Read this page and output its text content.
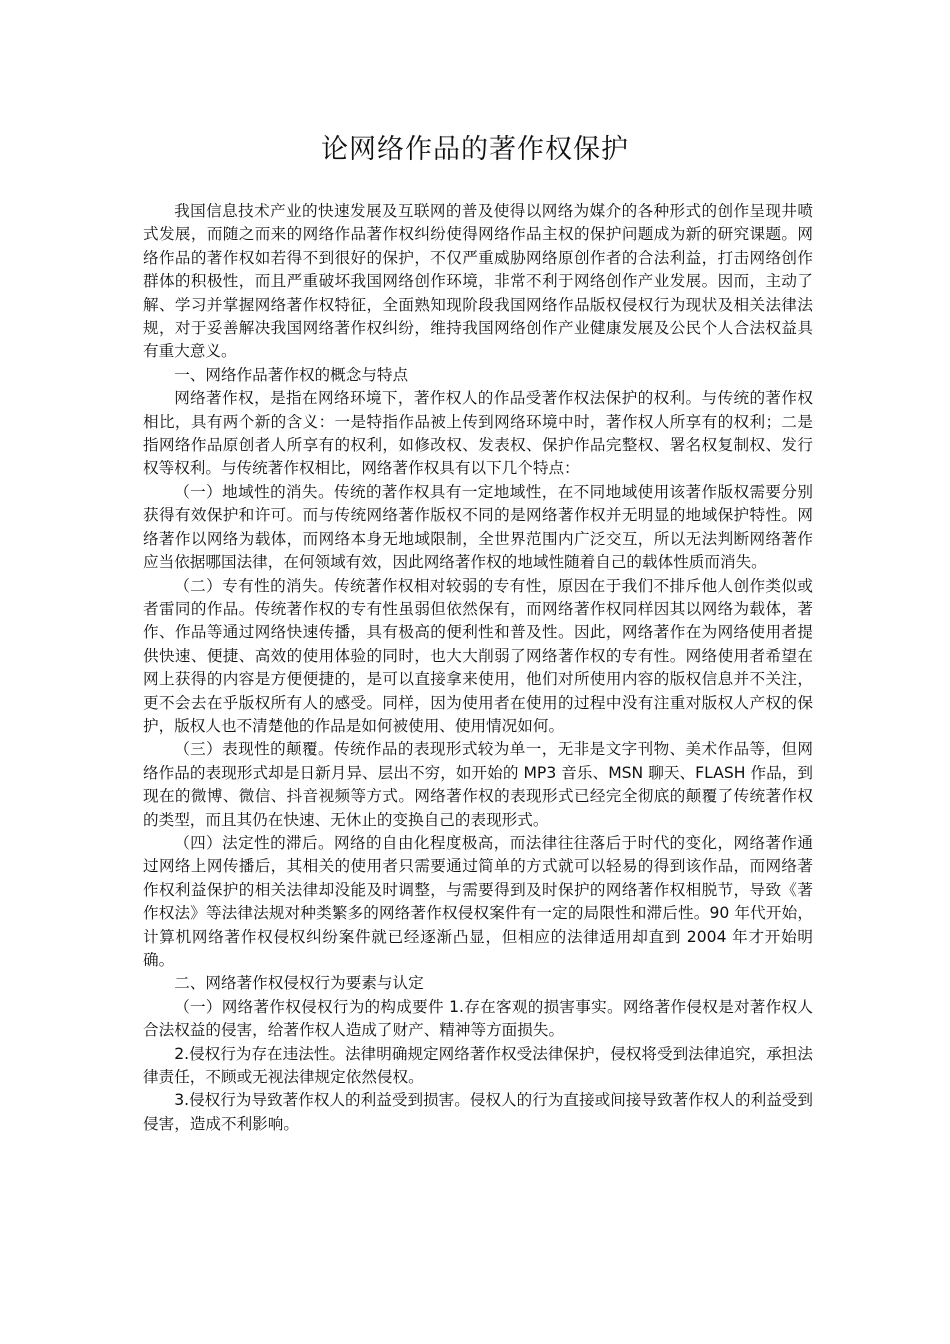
论网络作品的著作权保护

我国信息技术产业的快速发展及互联网的普及使得以网络为媒介的各种形式的创作呈现井喷式发展，而随之而来的网络作品著作权纠纷使得网络作品主权的保护问题成为新的研究课题。网络作品的著作权如若得不到很好的保护，不仅严重威胁网络原创作者的合法利益，打击网络创作群体的积极性，而且严重破坏我国网络创作环境，非常不利于网络创作产业发展。因而，主动了解、学习并掌握网络著作权特征，全面熟知现阶段我国网络作品版权侵权行为现状及相关法律法规，对于妥善解决我国网络著作权纠纷，维持我国网络创作产业健康发展及公民个人合法权益具有重大意义。

一、网络作品著作权的概念与特点

网络著作权，是指在网络环境下，著作权人的作品受著作权法保护的权利。与传统的著作权相比，具有两个新的含义：一是特指作品被上传到网络环境中时，著作权人所享有的权利；二是指网络作品原创者人所享有的权利，如修改权、发表权、保护作品完整权、署名权复制权、发行权等权利。与传统著作权相比，网络著作权具有以下几个特点：

（一）地域性的消失。传统的著作权具有一定地域性，在不同地域使用该著作版权需要分别获得有效保护和许可。而与传统网络著作版权不同的是网络著作权并无明显的地域保护特性。网络著作以网络为载体，而网络本身无地域限制，全世界范围内广泛交互，所以无法判断网络著作应当依据哪国法律，在何领域有效，因此网络著作权的地域性随着自己的载体性质而消失。

（二）专有性的消失。传统著作权相对较弱的专有性，原因在于我们不排斥他人创作类似或者雷同的作品。传统著作权的专有性虽弱但依然保有，而网络著作权同样因其以网络为载体，著作、作品等通过网络快速传播，具有极高的便利性和普及性。因此，网络著作在为网络使用者提供快速、便捷、高效的使用体验的同时，也大大削弱了网络著作权的专有性。网络使用者希望在网上获得的内容是方便便捷的，是可以直接拿来使用，他们对所使用内容的版权信息并不关注，更不会去在乎版权所有人的感受。同样，因为使用者在使用的过程中没有注重对版权人产权的保护，版权人也不清楚他的作品是如何被使用、使用情况如何。

（三）表现性的颠覆。传统作品的表现形式较为单一，无非是文字刊物、美术作品等，但网络作品的表现形式却是日新月异、层出不穷，如开始的 MP3 音乐、MSN 聊天、FLASH 作品，到现在的微博、微信、抖音视频等方式。网络著作权的表现形式已经完全彻底的颠覆了传统著作权的类型，而且其仍在快速、无休止的变换自己的表现形式。

（四）法定性的滞后。网络的自由化程度极高，而法律往往落后于时代的变化，网络著作通过网络上网传播后，其相关的使用者只需要通过简单的方式就可以轻易的得到该作品，而网络著作权利益保护的相关法律却没能及时调整，与需要得到及时保护的网络著作权相脱节，导致《著作权法》等法律法规对种类繁多的网络著作权侵权案件有一定的局限性和滞后性。90 年代开始，计算机网络著作权侵权纠纷案件就已经逐渐凸显，但相应的法律适用却直到 2004 年才开始明确。

二、网络著作权侵权行为要素与认定

（一）网络著作权侵权行为的构成要件 1.存在客观的损害事实。网络著作侵权是对著作权人合法权益的侵害，给著作权人造成了财产、精神等方面损失。

2.侵权行为存在违法性。法律明确规定网络著作权受法律保护，侵权将受到法律追究，承担法律责任，不顾或无视法律规定依然侵权。

3.侵权行为导致著作权人的利益受到损害。侵权人的行为直接或间接导致著作权人的利益受到侵害，造成不利影响。
